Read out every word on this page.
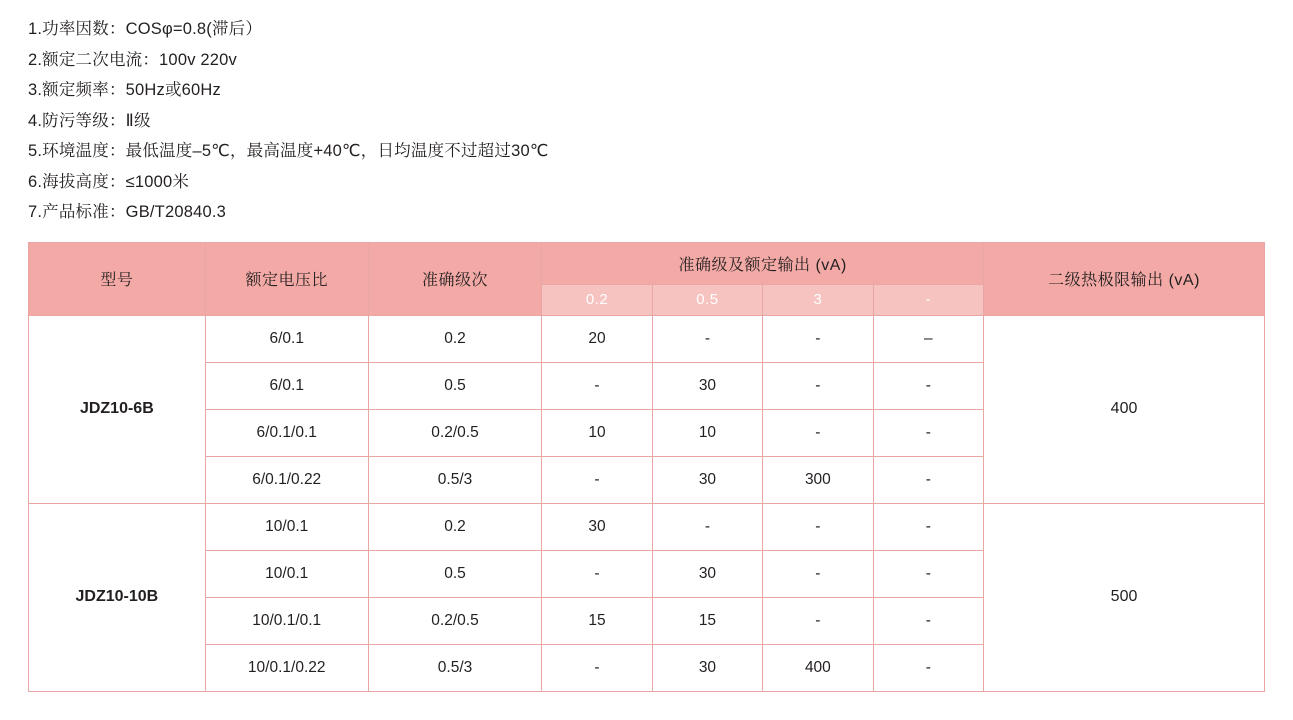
1.功率因数：COSφ=0.8(滞后）
2.额定二次电流：100v 220v
3.额定频率：50Hz或60Hz
4.防污等级：Ⅱ级
5.环境温度：最低温度–5℃，最高温度+40℃，日均温度不过超过30℃
6.海拔高度：≤1000米
7.产品标准：GB/T20840.3
型号	额定电压比	准确级次	准确级及额定输出 (vA)				二级热极限输出 (vA)
			0.2	0.5	3	-	
JDZ10-6B	6/0.1	0.2	20	-	-	–	400
	6/0.1	0.5	-	30	-	-	
	6/0.1/0.1	0.2/0.5	10	10	-	-	
	6/0.1/0.22	0.5/3	-	30	300	-	
JDZ10-10B	10/0.1	0.2	30	-	-	-	500
	10/0.1	0.5	-	30	-	-	
	10/0.1/0.1	0.2/0.5	15	15	-	-	
	10/0.1/0.22	0.5/3	-	30	400	-	
